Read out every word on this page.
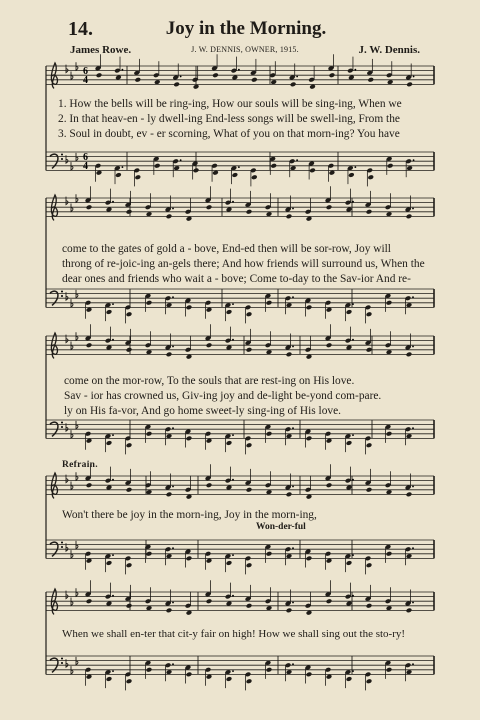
14.	Joy in the Morning.
James Rowe.	J. W. DENNIS, OWNER, 1915.	J. W. Dennis.
6
4
6
4
1. How the bells will be ring-ing, How our souls will be sing-ing, When we
2. In that heav-en - ly dwell-ing End-less songs will be swell-ing, From the
3. Soul in doubt, ev - er scorning, What of you on that morn-ing? You have
come to the gates of gold a - bove, End-ed then will be sor-row, Joy will
throng of re-joic-ing an-gels there; And how friends will surround us, When the
dear ones and friends who wait a - bove; Come to-day to the Sav-ior And re-
come on the mor-row, To the souls that are rest-ing on His love.
Sav - ior has crowned us, Giv-ing joy and de-light be-yond com-pare.
ly on His fa-vor, And go home sweet-ly sing-ing of His love.
Refrain.
Won't there be joy in the morn-ing, Joy in the morn-ing,
Won-der-ful
When we shall en-ter that cit-y fair on high! How we shall sing out the sto-ry!
